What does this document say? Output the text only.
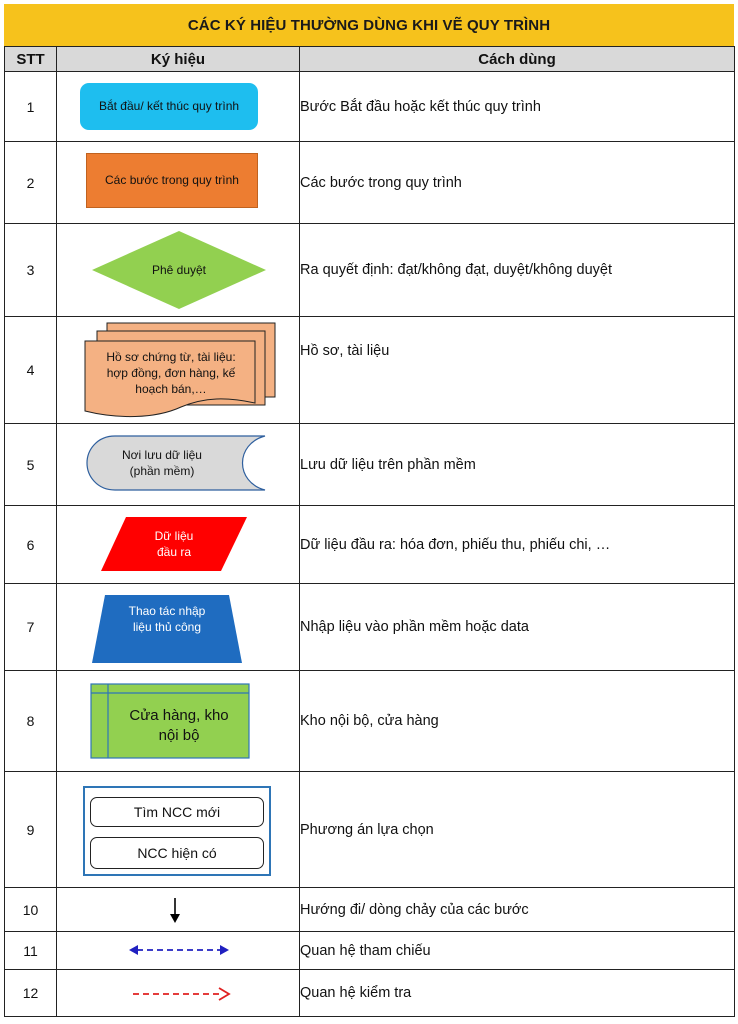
CÁC KÝ HIỆU THƯỜNG DÙNG KHI VẼ QUY TRÌNH
STT	Ký hiệu	Cách dùng
1	Bắt đầu/ kết thúc quy trình	Bước Bắt đầu hoặc kết thúc quy trình
2	Các bước trong quy trình	Các bước trong quy trình
3	Phê duyệt	Ra quyết định: đạt/không đạt, duyệt/không duyệt
4	Hồ sơ chứng từ, tài liệu:
hợp đồng, đơn hàng, kế
hoạch bán,…	Hồ sơ, tài liệu
5	Nơi lưu dữ liệu
(phần mềm)	Lưu dữ liệu trên phần mềm
6	Dữ liệu
đầu ra	Dữ liệu đầu ra: hóa đơn, phiếu thu, phiếu chi, …
7	Thao tác nhập
liệu thủ công	Nhập liệu vào phần mềm hoặc data
8	Cửa hàng, kho
nội bộ	Kho nội bộ, cửa hàng
9	Tìm NCC mới
NCC hiện có	Phương án lựa chọn
10		Hướng đi/ dòng chảy của các bước
11		Quan hệ tham chiếu
12		Quan hệ kiểm tra
